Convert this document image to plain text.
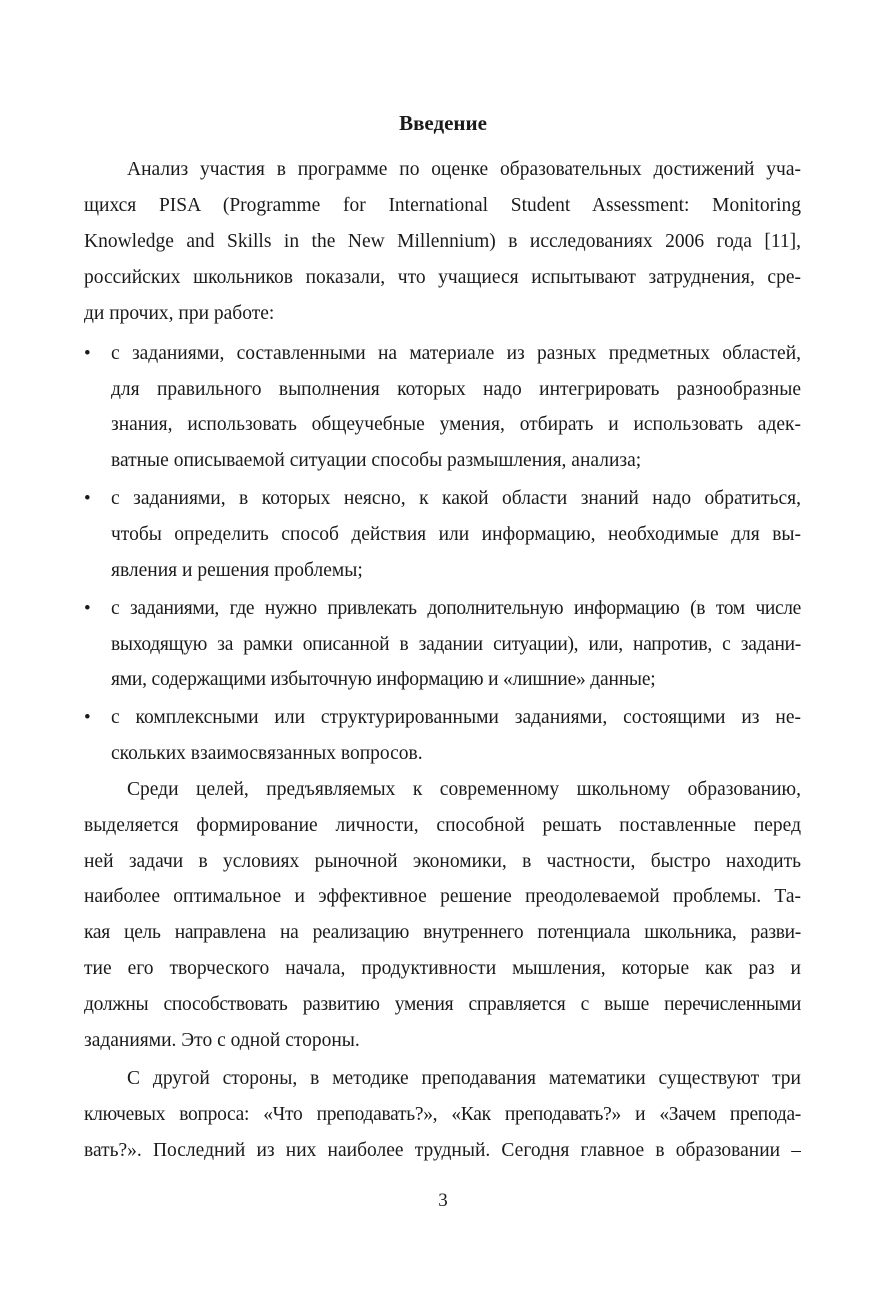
Введение
Анализ участия в программе по оценке образовательных достижений уча-
щихся PISA (Programme for International Student Assessment: Monitoring
Knowledge and Skills in the New Millennium) в исследованиях 2006 года [11],
российских школьников показали, что учащиеся испытывают затруднения, сре-
ди прочих, при работе:
• с заданиями, составленными на материале из разных предметных областей,
для правильного выполнения которых надо интегрировать разнообразные
знания, использовать общеучебные умения, отбирать и использовать адек-
ватные описываемой ситуации способы размышления, анализа;
• с заданиями, в которых неясно, к какой области знаний надо обратиться,
чтобы определить способ действия или информацию, необходимые для вы-
явления и решения проблемы;
• с заданиями, где нужно привлекать дополнительную информацию (в том числе
выходящую за рамки описанной в задании ситуации), или, напротив, с задани-
ями, содержащими избыточную информацию и «лишние» данные;
• с комплексными или структурированными заданиями, состоящими из не-
скольких взаимосвязанных вопросов.
Среди целей, предъявляемых к современному школьному образованию,
выделяется формирование личности, способной решать поставленные перед
ней задачи в условиях рыночной экономики, в частности, быстро находить
наиболее оптимальное и эффективное решение преодолеваемой проблемы. Та-
кая цель направлена на реализацию внутреннего потенциала школьника, разви-
тие его творческого начала, продуктивности мышления, которые как раз и
должны способствовать развитию умения справляется с выше перечисленными
заданиями. Это с одной стороны.
С другой стороны, в методике преподавания математики существуют три
ключевых вопроса: «Что преподавать?», «Как преподавать?» и «Зачем препода-
вать?». Последний из них наиболее трудный. Сегодня главное в образовании –
3
